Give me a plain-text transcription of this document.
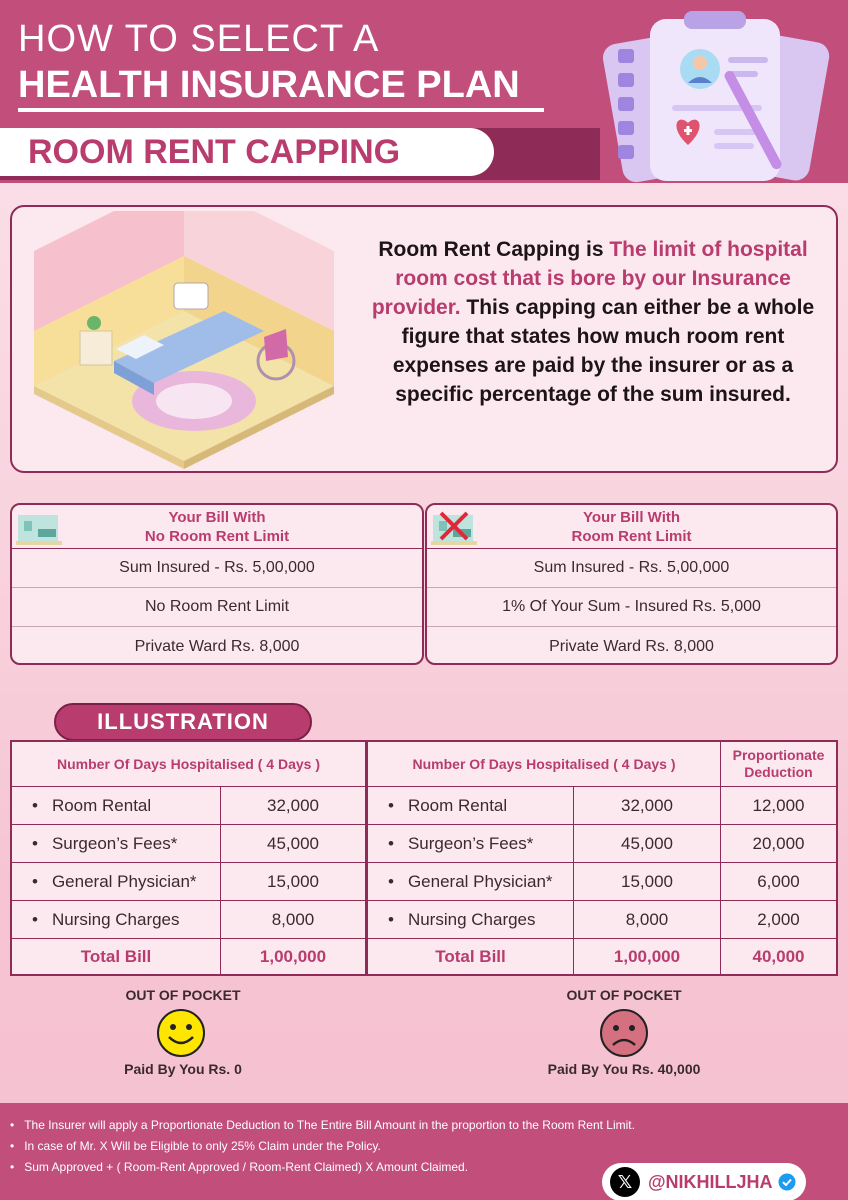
HOW TO SELECT A
HEALTH INSURANCE PLAN
ROOM RENT CAPPING
Room Rent Capping is The limit of hospital room cost that is bore by our Insurance provider. This capping can either be a whole figure that states how much room rent expenses are paid by the insurer or as a specific percentage of the sum insured.
Your Bill With
No Room Rent Limit
Sum Insured - Rs. 5,00,000
No Room Rent Limit
Private Ward Rs. 8,000
Your Bill With
Room Rent Limit
Sum Insured - Rs. 5,00,000
1% Of Your Sum - Insured Rs. 5,000
Private Ward Rs. 8,000
ILLUSTRATION
Number Of Days Hospitalised ( 4 Days )	Number Of Days Hospitalised ( 4 Days )
Proportionate
Deduction
• Room Rental	32,000	• Room Rental	32,000	12,000
• Surgeon’s Fees*	45,000	• Surgeon’s Fees*	45,000	20,000
• General Physician*	15,000	• General Physician*	15,000	6,000
• Nursing Charges	8,000	• Nursing Charges	8,000	2,000
Total Bill	1,00,000	Total Bill	1,00,000	40,000
OUT OF POCKET
Paid By You Rs. 0
OUT OF POCKET
Paid By You Rs. 40,000
• The Insurer will apply a Proportionate Deduction to The Entire Bill Amount in the proportion to the Room Rent Limit.
• In case of Mr. X Will be Eligible to only 25% Claim under the Policy.
• Sum Approved + ( Room-Rent Approved / Room-Rent Claimed) X Amount Claimed.
𝕏 @NIKHILLJHA
